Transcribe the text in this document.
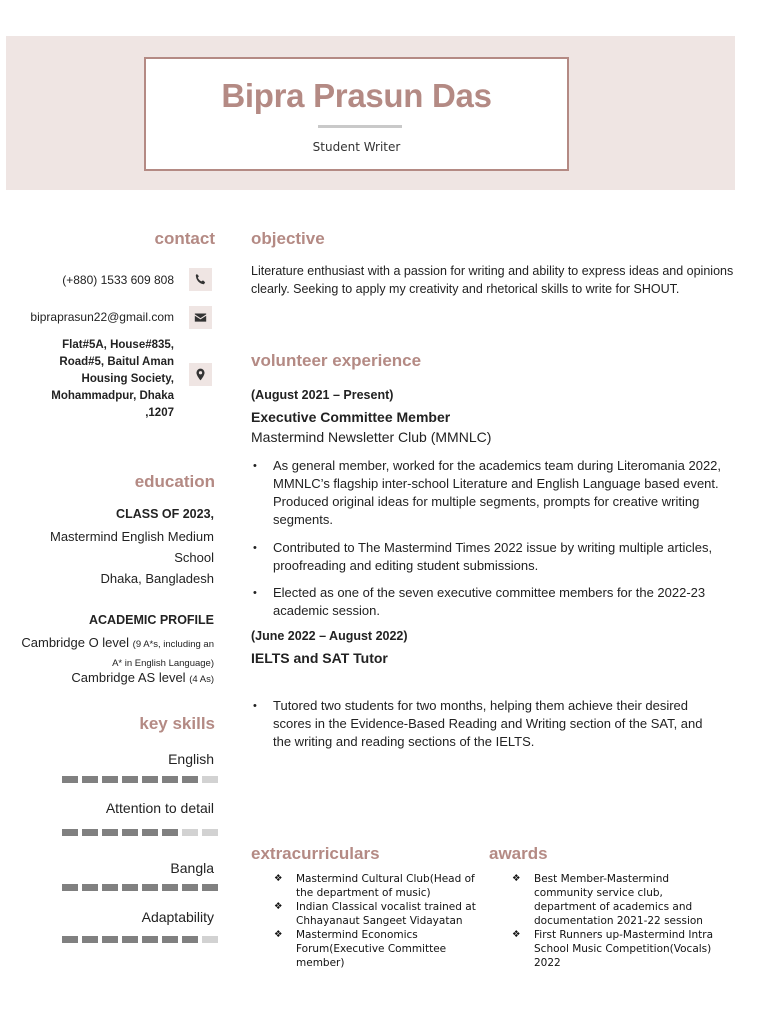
Bipra Prasun Das
Student Writer
contact
(+880) 1533 609 808
bipraprasun22@gmail.com
Flat#5A, House#835, Road#5, Baitul Aman Housing Society, Mohammadpur, Dhaka ,1207
education
CLASS OF 2023,
Mastermind English Medium School
Dhaka, Bangladesh
ACADEMIC PROFILE
Cambridge O level (9 A*s, including an A* in English Language)
Cambridge AS level (4 As)
key skills
English
Attention to detail
Bangla
Adaptability
objective
Literature enthusiast with a passion for writing and ability to express ideas and opinions clearly. Seeking to apply my creativity and rhetorical skills to write for SHOUT.
volunteer experience
(August 2021 – Present)
Executive Committee Member
Mastermind Newsletter Club (MMNLC)
• As general member, worked for the academics team during Literomania 2022, MMNLC’s flagship inter-school Literature and English Language based event. Produced original ideas for multiple segments, prompts for creative writing segments.
• Contributed to The Mastermind Times 2022 issue by writing multiple articles, proofreading and editing student submissions.
• Elected as one of the seven executive committee members for the 2022-23 academic session.
(June 2022 – August 2022)
IELTS and SAT Tutor
• Tutored two students for two months, helping them achieve their desired scores in the Evidence-Based Reading and Writing section of the SAT, and the writing and reading sections of the IELTS.
extracurriculars
❖ Mastermind Cultural Club(Head of the department of music)
❖ Indian Classical vocalist trained at Chhayanaut Sangeet Vidayatan
❖ Mastermind Economics Forum(Executive Committee member)
awards
❖ Best Member-Mastermind community service club, department of academics and documentation 2021-22 session
❖ First Runners up-Mastermind Intra School Music Competition(Vocals) 2022
